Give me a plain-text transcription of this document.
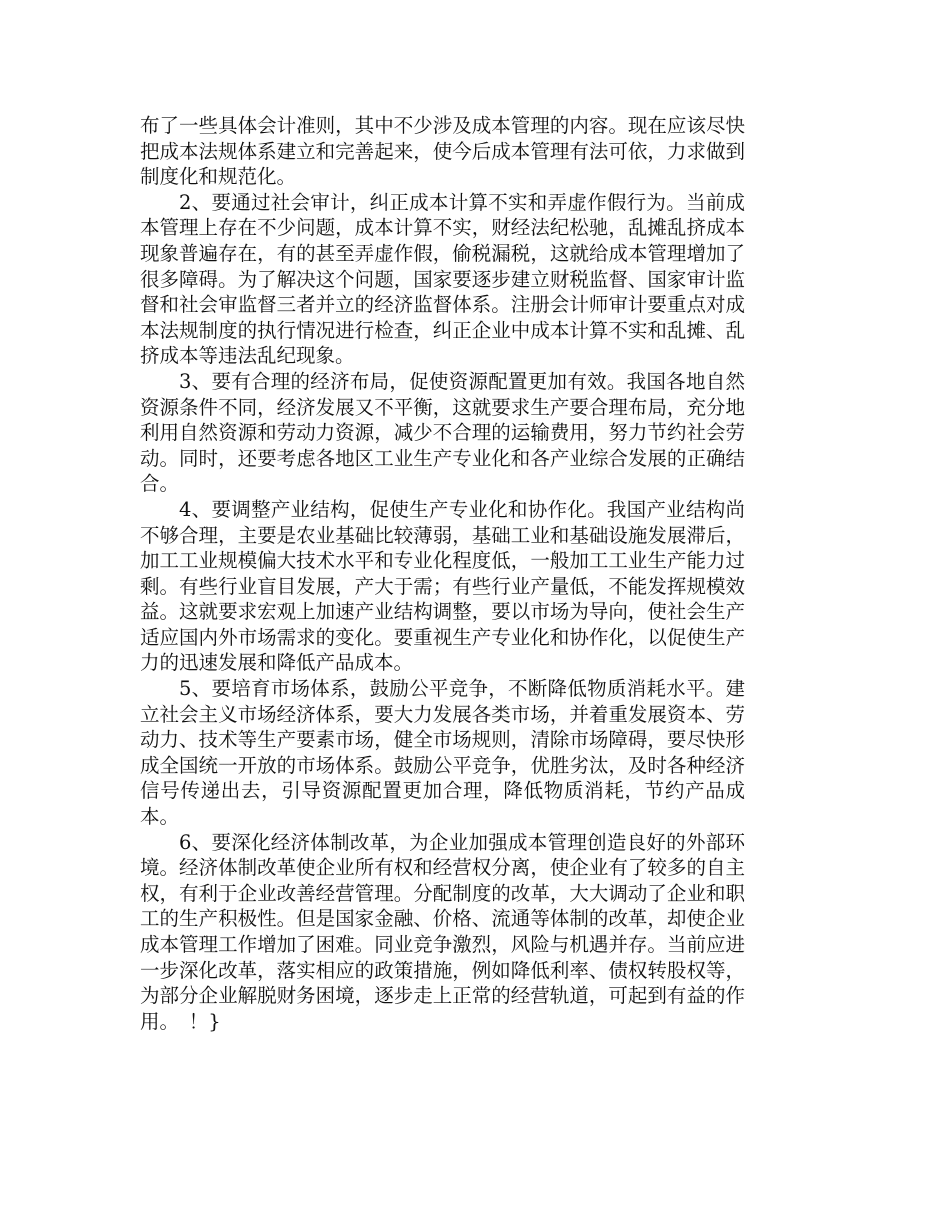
布了一些具体会计准则，其中不少涉及成本管理的内容。现在应该尽快把成本法规体系建立和完善起来，使今后成本管理有法可依，力求做到制度化和规范化。

2、要通过社会审计，纠正成本计算不实和弄虚作假行为。当前成本管理上存在不少问题，成本计算不实，财经法纪松驰，乱摊乱挤成本现象普遍存在，有的甚至弄虚作假，偷税漏税，这就给成本管理增加了很多障碍。为了解决这个问题，国家要逐步建立财税监督、国家审计监督和社会审监督三者并立的经济监督体系。注册会计师审计要重点对成本法规制度的执行情况进行检查，纠正企业中成本计算不实和乱摊、乱挤成本等违法乱纪现象。

3、要有合理的经济布局，促使资源配置更加有效。我国各地自然资源条件不同，经济发展又不平衡，这就要求生产要合理布局，充分地利用自然资源和劳动力资源，减少不合理的运输费用，努力节约社会劳动。同时，还要考虑各地区工业生产专业化和各产业综合发展的正确结合。

4、要调整产业结构，促使生产专业化和协作化。我国产业结构尚不够合理，主要是农业基础比较薄弱，基础工业和基础设施发展滞后，加工工业规模偏大技术水平和专业化程度低，一般加工工业生产能力过剩。有些行业盲目发展，产大于需；有些行业产量低，不能发挥规模效益。这就要求宏观上加速产业结构调整，要以市场为导向，使社会生产适应国内外市场需求的变化。要重视生产专业化和协作化，以促使生产力的迅速发展和降低产品成本。

5、要培育市场体系，鼓励公平竞争，不断降低物质消耗水平。建立社会主义市场经济体系，要大力发展各类市场，并着重发展资本、劳动力、技术等生产要素市场，健全市场规则，清除市场障碍，要尽快形成全国统一开放的市场体系。鼓励公平竞争，优胜劣汰，及时各种经济信号传递出去，引导资源配置更加合理，降低物质消耗，节约产品成本。

6、要深化经济体制改革，为企业加强成本管理创造良好的外部环境。经济体制改革使企业所有权和经营权分离，使企业有了较多的自主权，有利于企业改善经营管理。分配制度的改革，大大调动了企业和职工的生产积极性。但是国家金融、价格、流通等体制的改革，却使企业成本管理工作增加了困难。同业竞争激烈，风险与机遇并存。当前应进一步深化改革，落实相应的政策措施，例如降低利率、债权转股权等，为部分企业解脱财务困境，逐步走上正常的经营轨道，可起到有益的作用。　！}
